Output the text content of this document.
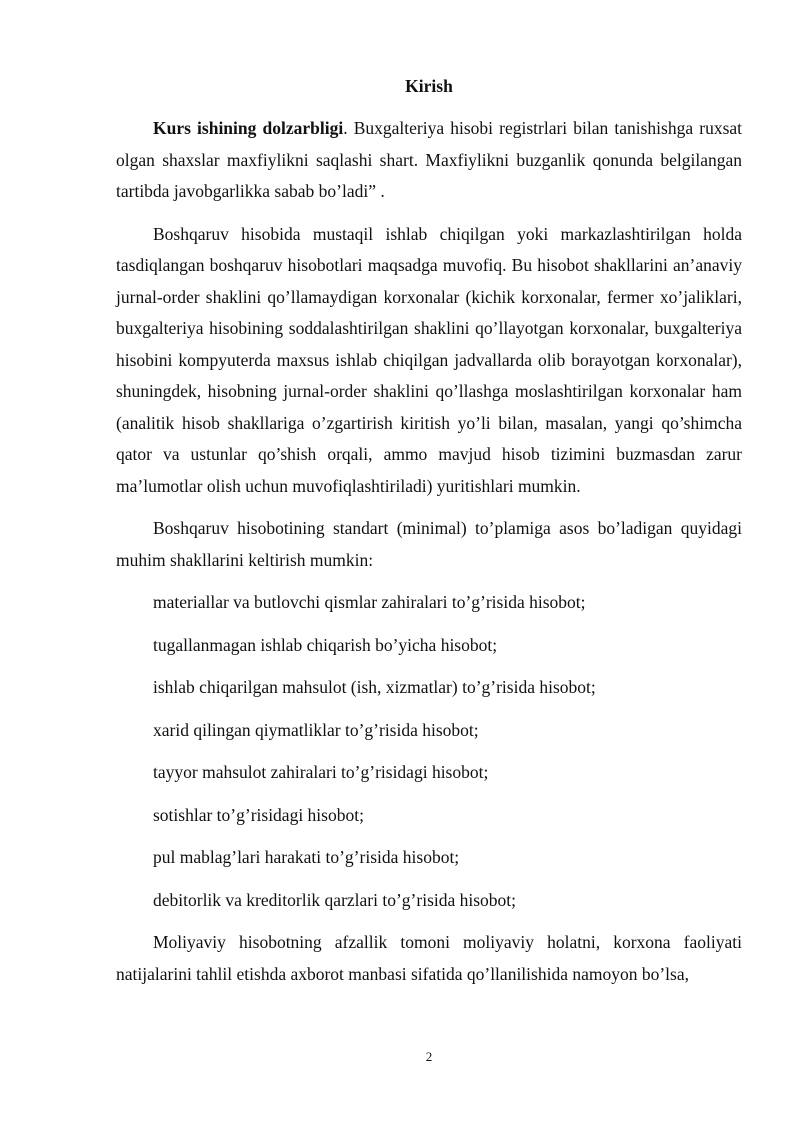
Kirish

Kurs ishining dolzarbligi. Buxgalteriya hisobi registrlari bilan tanishishga ruxsat olgan shaxslar maxfiylikni saqlashi shart. Maxfiylikni buzganlik qonunda belgilangan tartibda javobgarlikka sabab bo’ladi” .

Boshqaruv hisobida mustaqil ishlab chiqilgan yoki markazlashtirilgan holda tasdiqlangan boshqaruv hisobotlari maqsadga muvofiq. Bu hisobot shakllarini an’anaviy jurnal-order shaklini qo’llamaydigan korxonalar (kichik korxonalar, fermer xo’jaliklari, buxgalteriya hisobining soddalashtirilgan shaklini qo’llayotgan korxonalar, buxgalteriya hisobini kompyuterda maxsus ishlab chiqilgan jadvallarda olib borayotgan korxonalar), shuningdek, hisobning jurnal-order shaklini qo’llashga moslashtirilgan korxonalar ham (analitik hisob shakllariga o’zgartirish kiritish yo’li bilan, masalan, yangi qo’shimcha qator va ustunlar qo’shish orqali, ammo mavjud hisob tizimini buzmasdan zarur ma’lumotlar olish uchun muvofiqlashtiriladi) yuritishlari mumkin.

Boshqaruv hisobotining standart (minimal) to’plamiga asos bo’ladigan quyidagi muhim shakllarini keltirish mumkin:

materiallar va butlovchi qismlar zahiralari to’g’risida hisobot;

tugallanmagan ishlab chiqarish bo’yicha hisobot;

ishlab chiqarilgan mahsulot (ish, xizmatlar) to’g’risida hisobot;

xarid qilingan qiymatliklar to’g’risida hisobot;

tayyor mahsulot zahiralari to’g’risidagi hisobot;

sotishlar to’g’risidagi hisobot;

pul mablag’lari harakati to’g’risida hisobot;

debitorlik va kreditorlik qarzlari to’g’risida hisobot;

Moliyaviy hisobotning afzallik tomoni moliyaviy holatni, korxona faoliyati natijalarini tahlil etishda axborot manbasi sifatida qo’llanilishida namoyon bo’lsa,

2
